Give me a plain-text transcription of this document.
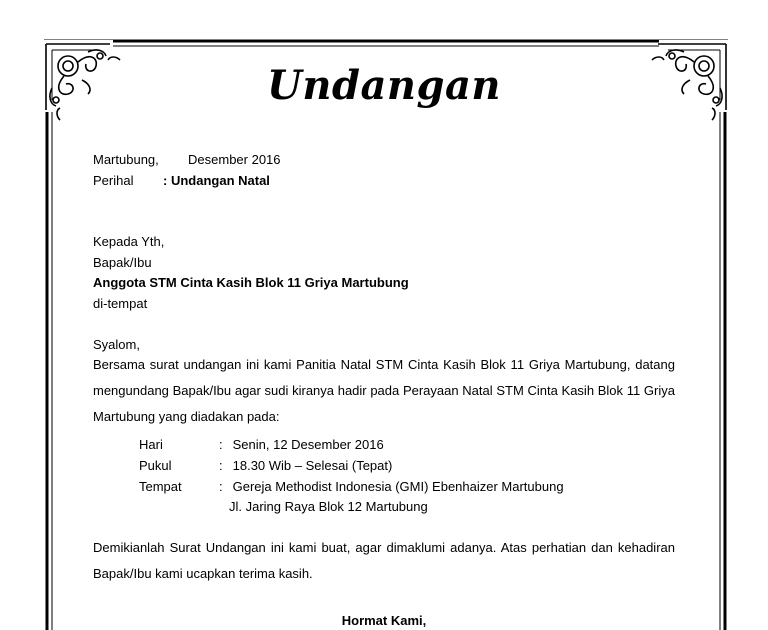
Undangan
Martubung, Desember 2016
Perihal : Undangan Natal
Kepada Yth,
Bapak/Ibu
Anggota STM Cinta Kasih Blok 11 Griya Martubung
di-tempat
Syalom,
Bersama surat undangan ini kami Panitia Natal STM Cinta Kasih Blok 11 Griya Martubung, datang mengundang Bapak/Ibu agar sudi kiranya hadir pada Perayaan Natal STM Cinta Kasih Blok 11 Griya Martubung yang diadakan pada:
Hari	: Senin, 12 Desember 2016
Pukul	: 18.30 Wib – Selesai (Tepat)
Tempat	: Gereja Methodist Indonesia (GMI) Ebenhaizer Martubung
Jl. Jaring Raya Blok 12 Martubung
Demikianlah Surat Undangan ini kami buat, agar dimaklumi adanya. Atas perhatian dan kehadiran Bapak/Ibu kami ucapkan terima kasih.
Hormat Kami,
